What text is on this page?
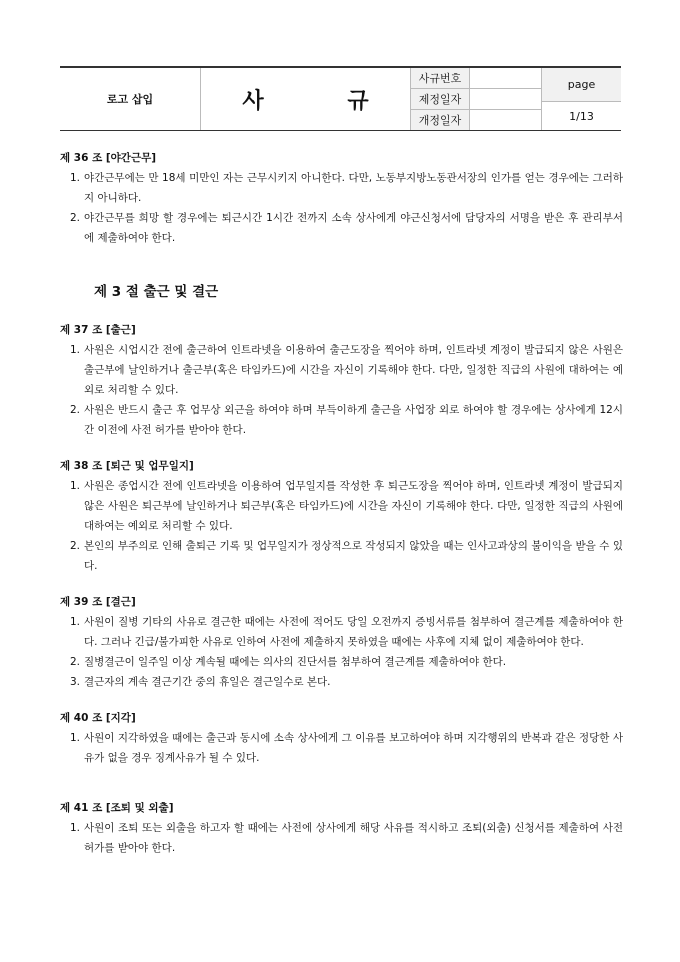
로고 삽입	사 규
사규번호
제정일자
개정일자
page
1/13
제 36 조 [야간근무]
1. 야간근무에는 만 18세 미만인 자는 근무시키지 아니한다. 다만, 노동부지방노동관서장의 인가를 얻는 경우에는 그러하지 아니하다.
2. 야간근무를 희망 할 경우에는 퇴근시간 1시간 전까지 소속 상사에게 야근신청서에 담당자의 서명을 받은 후 관리부서에 제출하여야 한다.
제 3 절 출근 및 결근
제 37 조 [출근]
1. 사원은 시업시간 전에 출근하여 인트라넷을 이용하여 출근도장을 찍어야 하며, 인트라넷 계정이 발급되지 않은 사원은 출근부에 날인하거나 출근부(혹은 타임카드)에 시간을 자신이 기록해야 한다. 다만, 일정한 직급의 사원에 대하여는 예외로 처리할 수 있다.
2. 사원은 반드시 출근 후 업무상 외근을 하여야 하며 부득이하게 출근을 사업장 외로 하여야 할 경우에는 상사에게 12시간 이전에 사전 허가를 받아야 한다.
제 38 조 [퇴근 및 업무일지]
1. 사원은 종업시간 전에 인트라넷을 이용하여 업무일지를 작성한 후 퇴근도장을 찍어야 하며, 인트라넷 계정이 발급되지 않은 사원은 퇴근부에 날인하거나 퇴근부(혹은 타임카드)에 시간을 자신이 기록해야 한다. 다만, 일정한 직급의 사원에 대하여는 예외로 처리할 수 있다.
2. 본인의 부주의로 인해 출퇴근 기록 및 업무일지가 정상적으로 작성되지 않았을 때는 인사고과상의 불이익을 받을 수 있다.
제 39 조 [결근]
1. 사원이 질병 기타의 사유로 결근한 때에는 사전에 적어도 당일 오전까지 증빙서류를 첨부하여 결근계를 제출하여야 한다. 그러나 긴급/불가피한 사유로 인하여 사전에 제출하지 못하였을 때에는 사후에 지체 없이 제출하여야 한다.
2. 질병결근이 일주일 이상 계속될 때에는 의사의 진단서를 첨부하여 결근계를 제출하여야 한다.
3. 결근자의 계속 결근기간 중의 휴일은 결근일수로 본다.
제 40 조 [지각]
1. 사원이 지각하였을 때에는 출근과 동시에 소속 상사에게 그 이유를 보고하여야 하며 지각행위의 반복과 같은 정당한 사유가 없을 경우 징계사유가 될 수 있다.
제 41 조 [조퇴 및 외출]
1. 사원이 조퇴 또는 외출을 하고자 할 때에는 사전에 상사에게 해당 사유를 적시하고 조퇴(외출) 신청서를 제출하여 사전 허가를 받아야 한다.
